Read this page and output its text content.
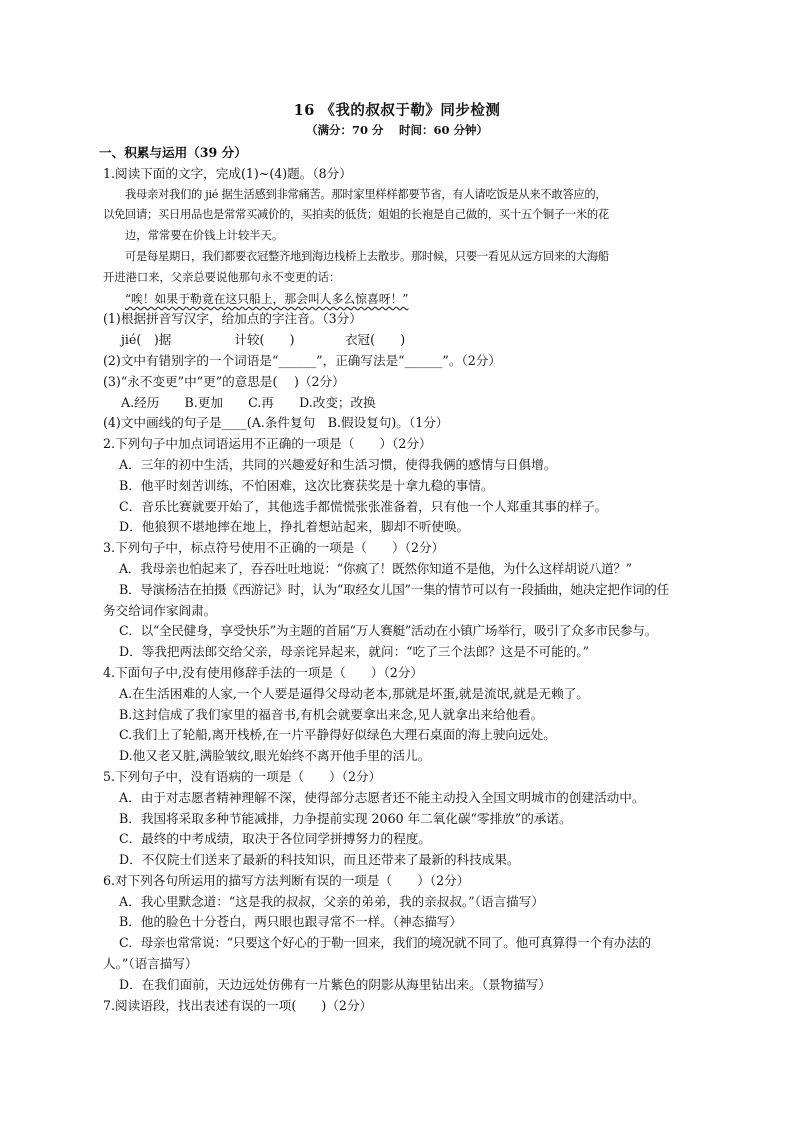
16 《我的叔叔于勒》同步检测
（满分：70 分　 时间：60 分钟）
一、积累与运用（39 分）
1.阅读下面的文字，完成(1)~(4)题。（8分）
我母亲对我们的 jié 据生活感到非常痛苦。那时家里样样都要节省，有人请吃饭是从来不敢答应的，
以免回请；买日用品也是常常买减价的，买拍卖的低货；姐姐的长袍是自己做的，买十五个铜子一米的花
边，常常要在价钱上计较半天。
可是每星期日，我们都要衣冠整齐地到海边栈桥上去散步。那时候，只要一看见从远方回来的大海船
开进港口来，父亲总要说他那句永不变更的话：
“唉！如果于勒竟在这只船上，那会叫人多么惊喜呀！”
(1)根据拼音写汉字，给加点的字注音。（3分）
jié(　)据　　　　　计较(　　)　　　　衣冠(　　)
(2)文中有错别字的一个词语是“______”，正确写法是“______”。（2分）
(3)“永不变更”中“更”的意思是(　 )（2分）
A.经历　　B.更加　　C.再　　D.改变；改换
(4)文中画线的句子是____(A.条件复句　B.假设复句)。（1分）
2.下列句子中加点词语运用不正确的一项是（　　）（2分）
A．三年的初中生活，共同的兴趣爱好和生活习惯，使得我俩的感情与日俱增。
B．他平时刻苦训练，不怕困难，这次比赛获奖是十拿九稳的事情。
C．音乐比赛就要开始了，其他选手都慌慌张张准备着，只有他一个人郑重其事的样子。
D．他狼狈不堪地摔在地上，挣扎着想站起来，脚却不听使唤。
3.下列句子中，标点符号使用不正确的一项是（　　）（2分）
A．我母亲也怕起来了，吞吞吐吐地说：“你疯了！既然你知道不是他，为什么这样胡说八道？”
B．导演杨洁在拍摄《西游记》时，认为“取经女儿国”一集的情节可以有一段插曲，她决定把作词的任
务交给词作家阎肃。
C．以“全民健身，享受快乐”为主题的首届“万人赛艇”活动在小镇广场举行，吸引了众多市民参与。
D．等我把两法郎交给父亲，母亲诧异起来，就问：“吃了三个法郎？这是不可能的。”
4.下面句子中,没有使用修辞手法的一项是（　　）（2分）
A.在生活困难的人家,一个人要是逼得父母动老本,那就是坏蛋,就是流氓,就是无赖了。
B.这封信成了我们家里的福音书,有机会就要拿出来念,见人就拿出来给他看。
C.我们上了轮船,离开栈桥,在一片平静得好似绿色大理石桌面的海上驶向远处。
D.他又老又脏,满脸皱纹,眼光始终不离开他手里的活儿。
5.下列句子中，没有语病的一项是（　　）（2分）
A．由于对志愿者精神理解不深，使得部分志愿者还不能主动投入全国文明城市的创建活动中。
B．我国将采取多种节能减排，力争提前实现 2060 年二氧化碳“零排放”的承诺。
C．最终的中考成绩，取决于各位同学拼搏努力的程度。
D．不仅院士们送来了最新的科技知识，而且还带来了最新的科技成果。
6.对下列各句所运用的描写方法判断有误的一项是（　　）（2分）
A．我心里默念道：“这是我的叔叔，父亲的弟弟，我的亲叔叔。”（语言描写）
B．他的脸色十分苍白，两只眼也跟寻常不一样。（神态描写）
C．母亲也常常说：“只要这个好心的于勒一回来，我们的境况就不同了。他可真算得一个有办法的
人。”（语言描写）
D．在我们面前，天边远处仿佛有一片紫色的阴影从海里钻出来。（景物描写）
7.阅读语段，找出表述有误的一项(　　)（2分）
